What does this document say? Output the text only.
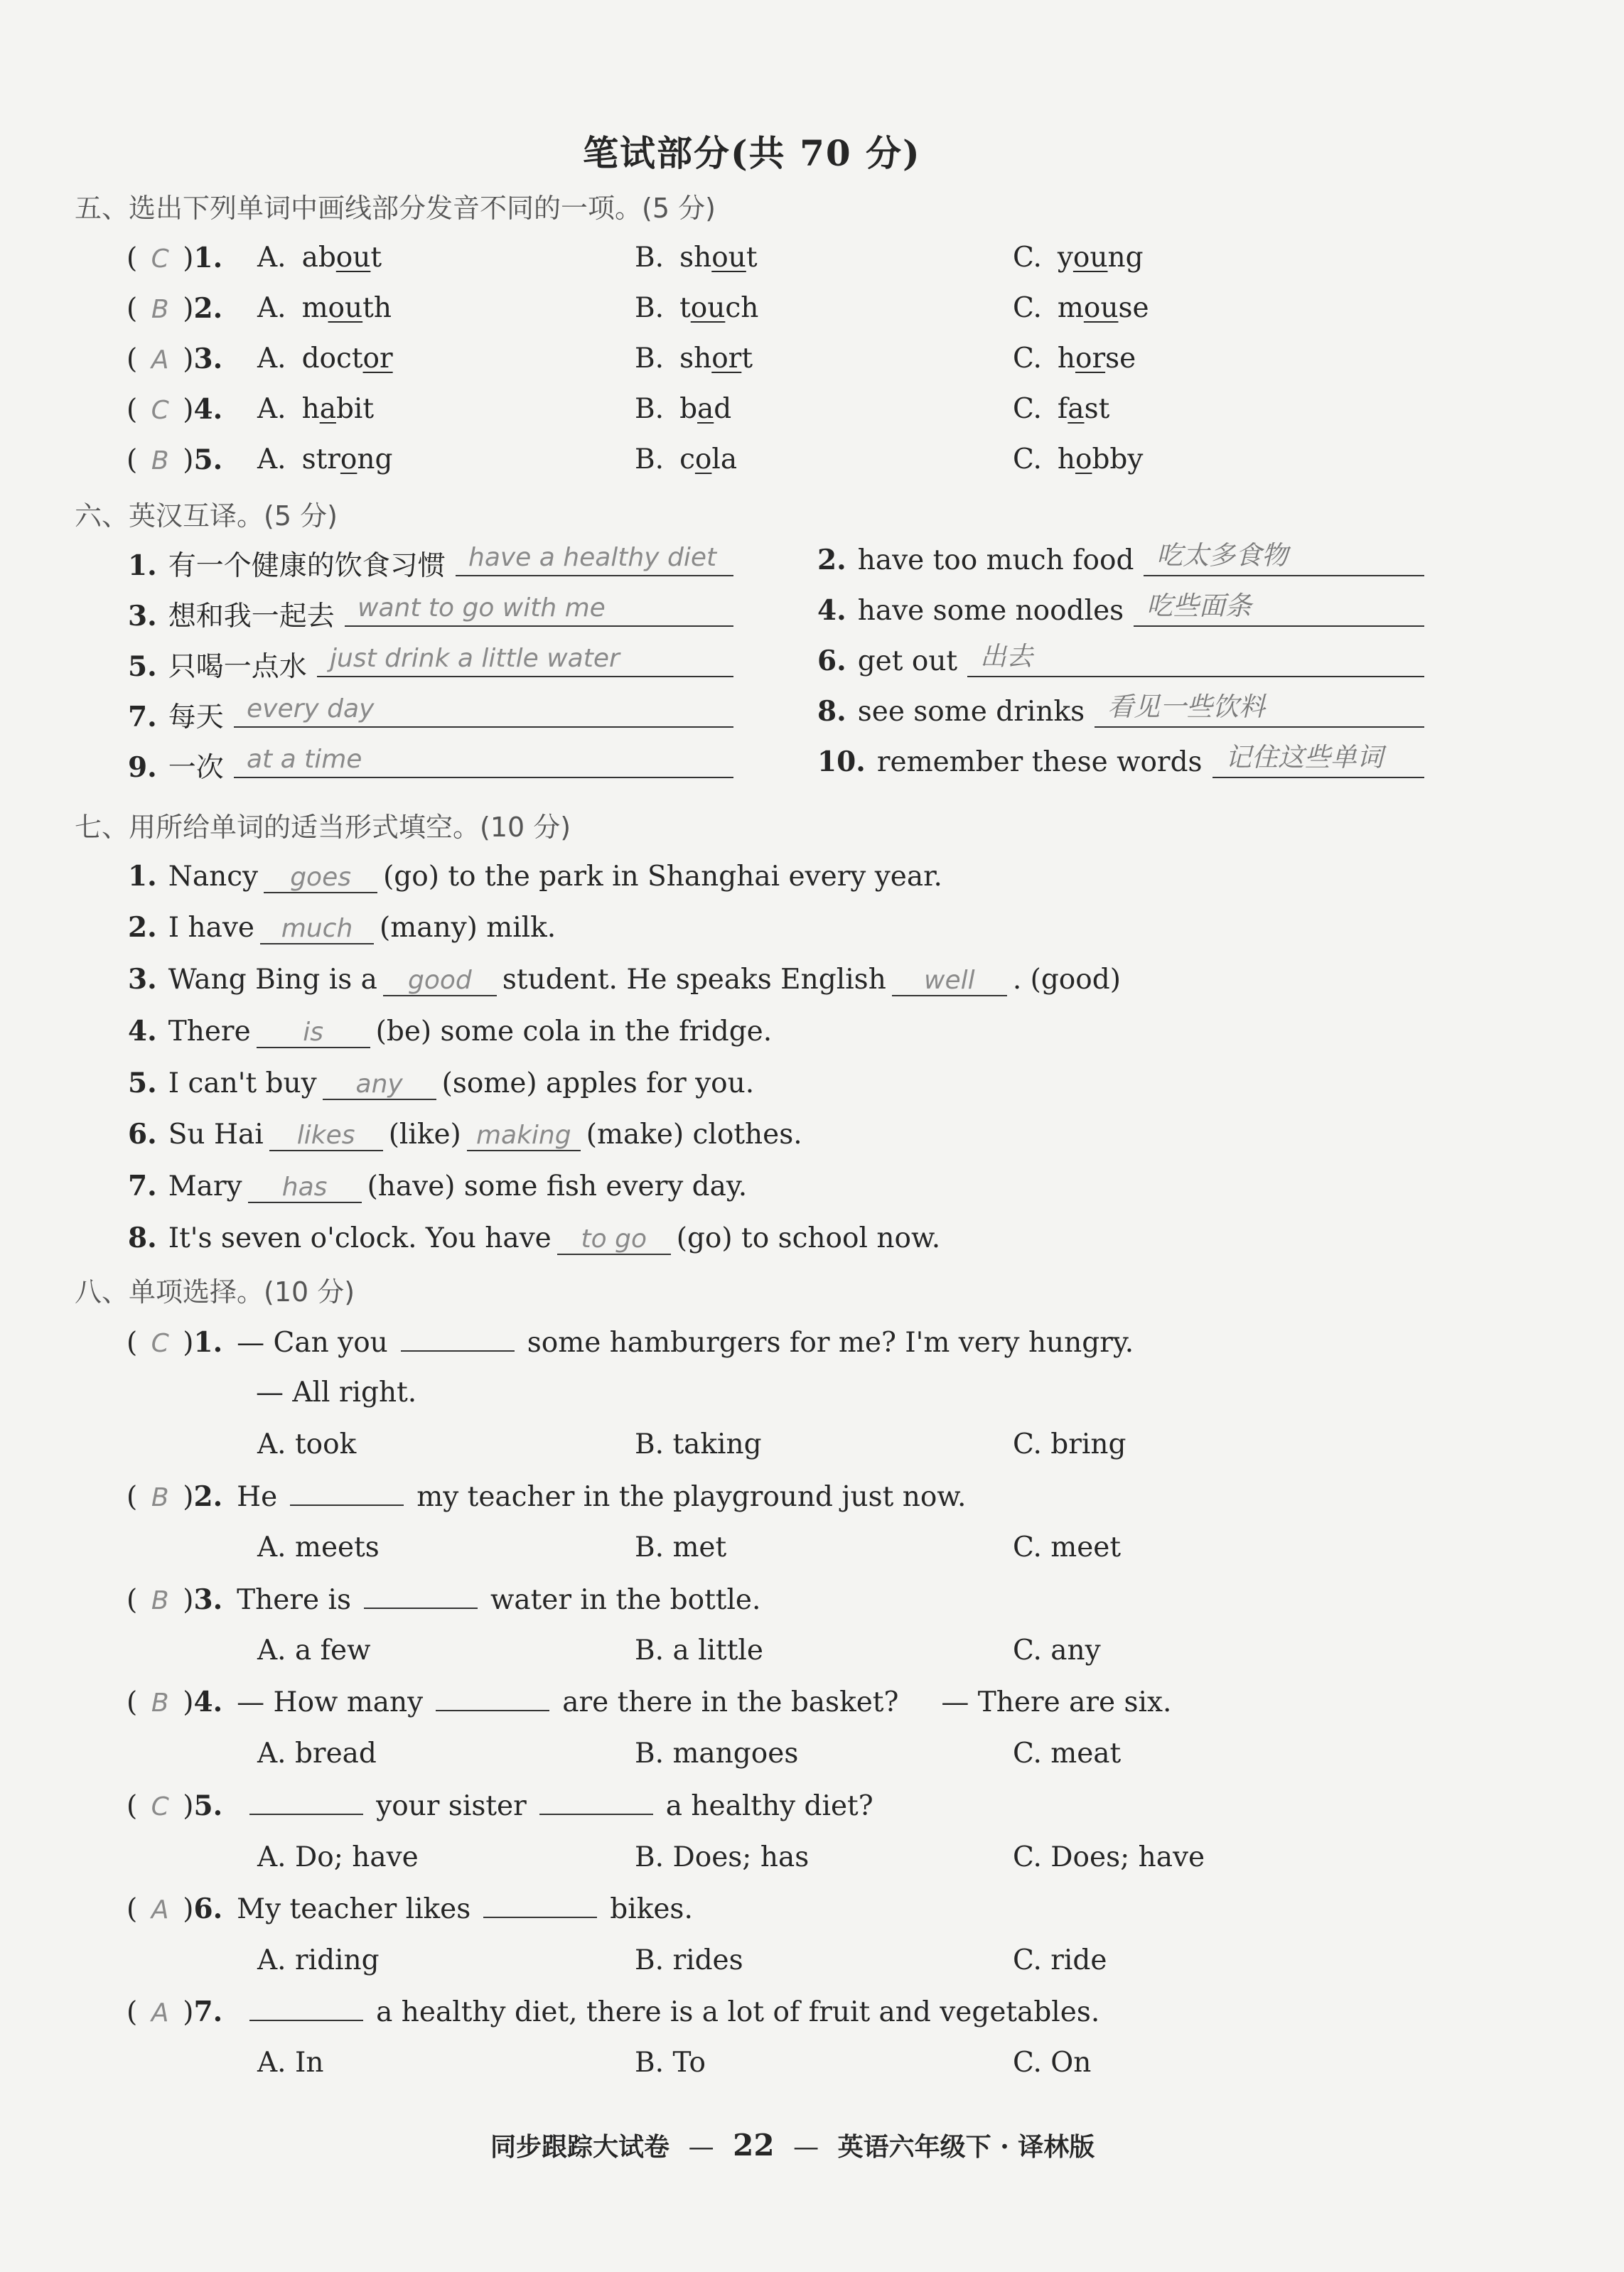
笔试部分(共 70 分)
五、选出下列单词中画线部分发音不同的一项。(5 分)
( C )1.	A. about	B. shout	C. young
( B )2.	A. mouth	B. touch	C. mouse
( A )3.	A. doctor	B. short	C. horse
( C )4.	A. habit	B. bad	C. fast
( B )5.	A. strong	B. cola	C. hobby
六、英汉互译。(5 分)
1. 有一个健康的饮食习惯 have a healthy diet	2. have too much food 吃太多食物
3. 想和我一起去 want to go with me	4. have some noodles 吃些面条
5. 只喝一点水 just drink a little water	6. get out 出去
7. 每天 every day	8. see some drinks 看见一些饮料
9. 一次 at a time	10. remember these words 记住这些单词
七、用所给单词的适当形式填空。(10 分)
1. Nancy goes (go) to the park in Shanghai every year.
2. I have much (many) milk.
3. Wang Bing is a good student. He speaks English well . (good)
4. There is (be) some cola in the fridge.
5. I can't buy any (some) apples for you.
6. Su Hai likes (like) making (make) clothes.
7. Mary has (have) some fish every day.
8. It's seven o'clock. You have to go (go) to school now.
八、单项选择。(10 分)
( C )1. — Can you	some hamburgers for me? I'm very hungry.
— All right.
A. took	B. taking	C. bring
( B )2. He	my teacher in the playground just now.
A. meets	B. met	C. meet
( B )3. There is	water in the bottle.
A. a few	B. a little	C. any
( B )4. — How many	are there in the basket? — There are six.
A. bread	B. mangoes	C. meat
( C )5.	your sister	a healthy diet?
A. Do; have	B. Does; has	C. Does; have
( A )6. My teacher likes	bikes.
A. riding	B. rides	C. ride
( A )7.	a healthy diet, there is a lot of fruit and vegetables.
A. In	B. To	C. On
同步跟踪大试卷 — 22 — 英语六年级下 · 译林版
